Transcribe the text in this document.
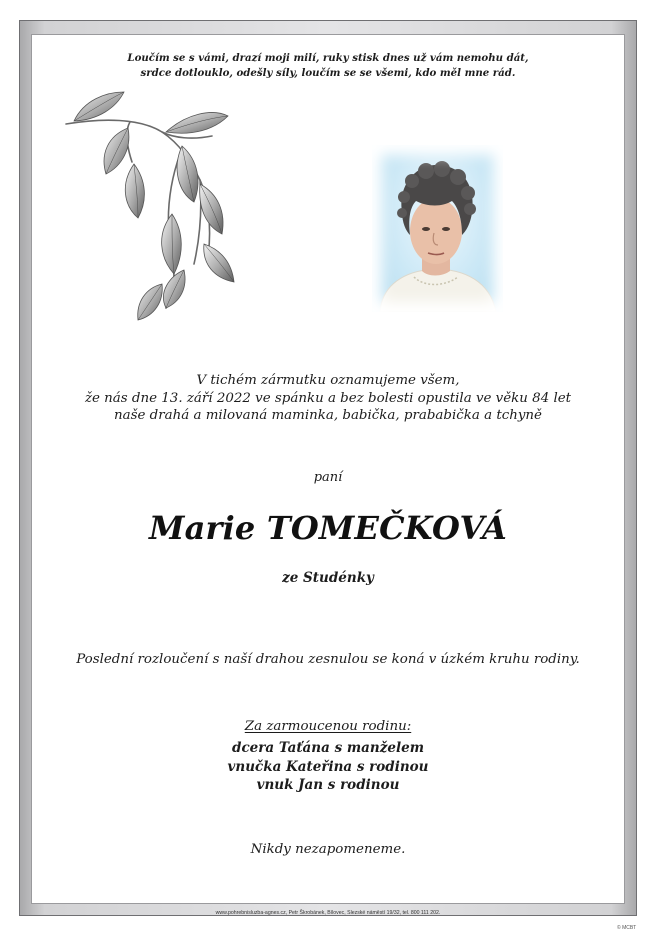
Loučím se s vámi, drazí moji milí, ruky stisk dnes už vám nemohu dát,
srdce dotlouklo, odešly síly, loučím se se všemi, kdo měl mne rád.
V tichém zármutku oznamujeme všem,
že nás dne 13. září 2022 ve spánku a bez bolesti opustila ve věku 84 let
naše drahá a milovaná maminka, babička, prababička a tchyně
paní
Marie TOMEČKOVÁ
ze Studénky
Poslední rozloučení s naší drahou zesnulou se koná v úzkém kruhu rodiny.
Za zarmoucenou rodinu:
dcera Taťána s manželem
vnučka Kateřina s rodinou
vnuk Jan s rodinou
Nikdy nezapomeneme.
www.pohrebnisluzba-agnes.cz, Petr Škrobánek, Bílovec, Slezské náměstí 19/32, tel. 800 111 202.
© MCBT
